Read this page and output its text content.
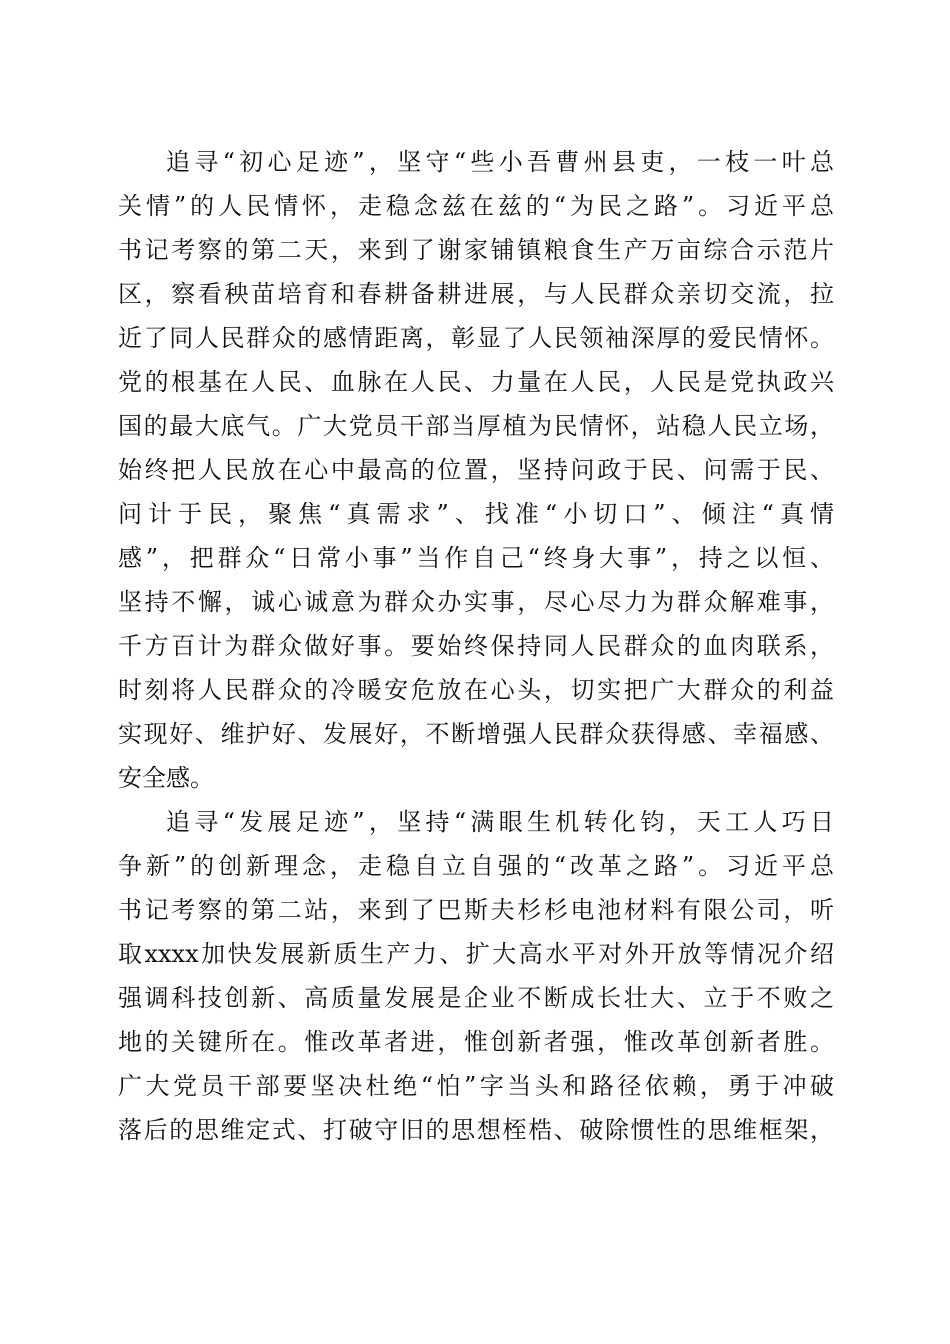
追寻“初心足迹”，坚守“些小吾曹州县吏，一枝一叶总
关情”的人民情怀，走稳念兹在兹的“为民之路”。习近平总
书记考察的第二天，来到了谢家铺镇粮食生产万亩综合示范片
区，察看秧苗培育和春耕备耕进展，与人民群众亲切交流，拉
近了同人民群众的感情距离，彰显了人民领袖深厚的爱民情怀。
党的根基在人民、血脉在人民、力量在人民，人民是党执政兴
国的最大底气。广大党员干部当厚植为民情怀，站稳人民立场，
始终把人民放在心中最高的位置，坚持问政于民、问需于民、
问计于民，聚焦“真需求”、找准“小切口”、倾注“真情
感”，把群众“日常小事”当作自己“终身大事”，持之以恒、
坚持不懈，诚心诚意为群众办实事，尽心尽力为群众解难事，
千方百计为群众做好事。要始终保持同人民群众的血肉联系，
时刻将人民群众的冷暖安危放在心头，切实把广大群众的利益
实现好、维护好、发展好，不断增强人民群众获得感、幸福感、
安全感。
追寻“发展足迹”，坚持“满眼生机转化钧，天工人巧日
争新”的创新理念，走稳自立自强的“改革之路”。习近平总
书记考察的第二站，来到了巴斯夫杉杉电池材料有限公司，听
取xxxx加快发展新质生产力、扩大高水平对外开放等情况介绍
强调科技创新、高质量发展是企业不断成长壮大、立于不败之
地的关键所在。惟改革者进，惟创新者强，惟改革创新者胜。
广大党员干部要坚决杜绝“怕”字当头和路径依赖，勇于冲破
落后的思维定式、打破守旧的思想桎梏、破除惯性的思维框架，
